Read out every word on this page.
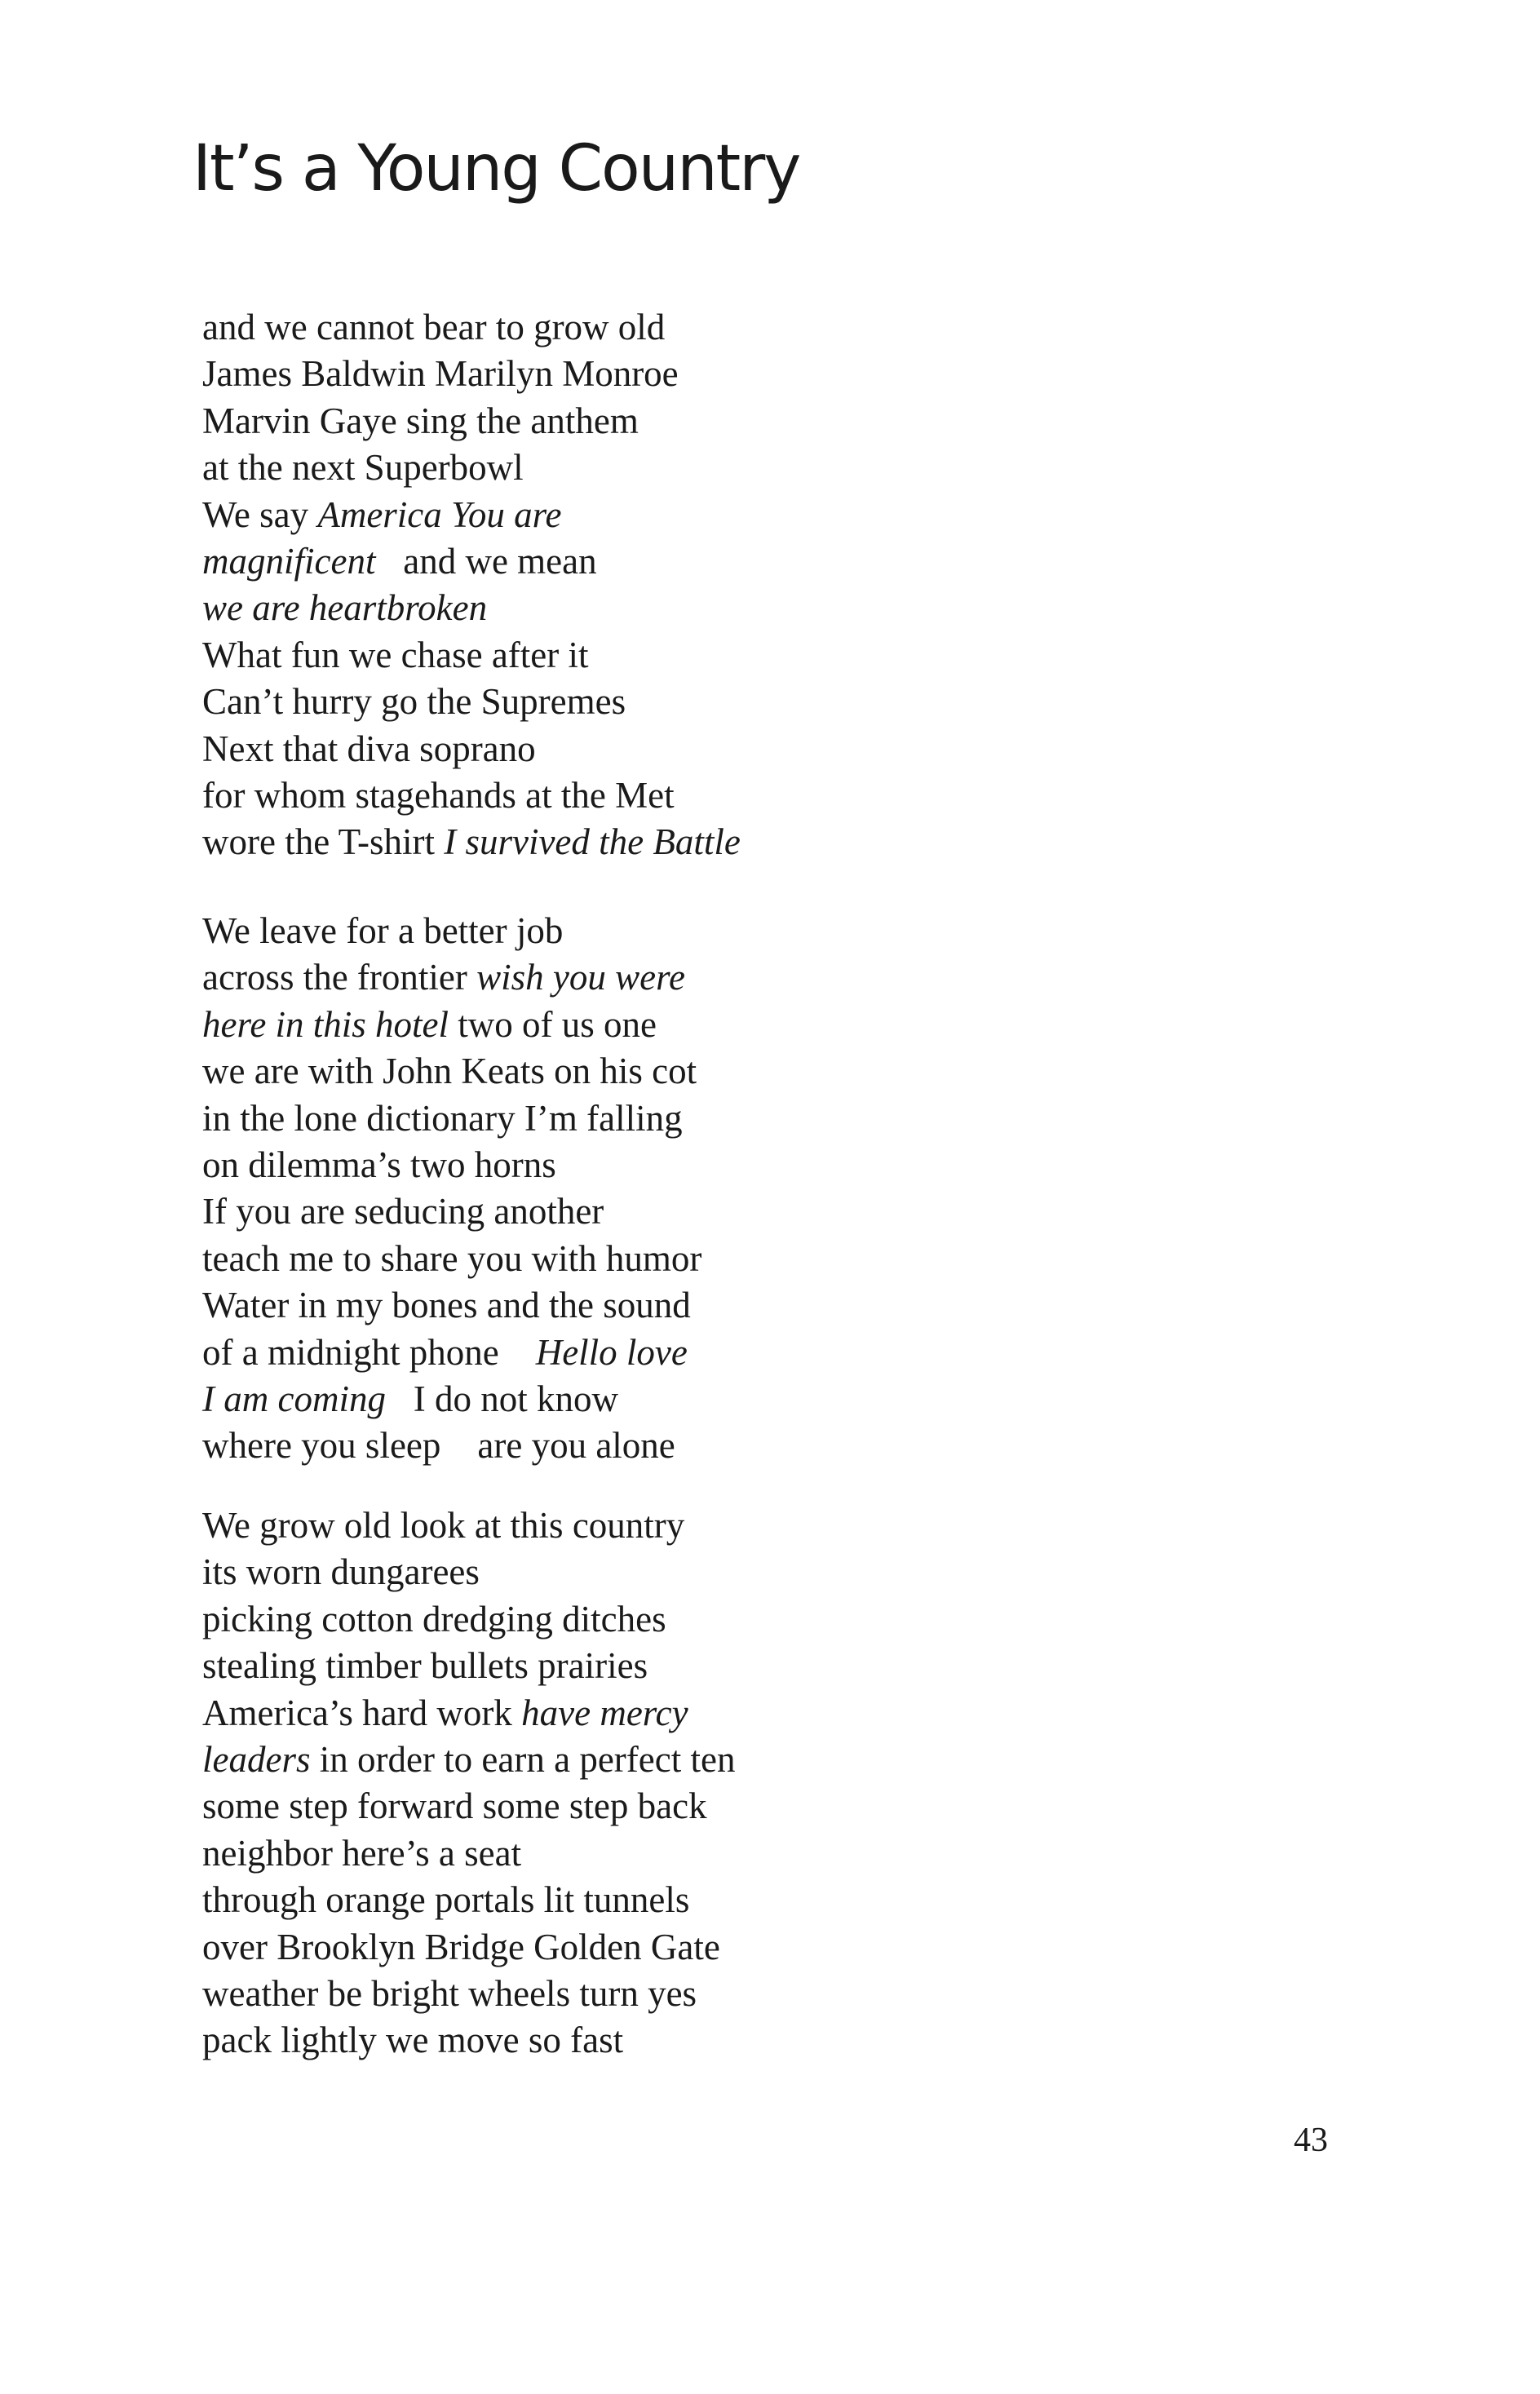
It’s a Young Country
and we cannot bear to grow old
James Baldwin Marilyn Monroe
Marvin Gaye sing the anthem
at the next Superbowl
We say America You are
magnificent   and we mean
we are heartbroken
What fun we chase after it
Can’t hurry go the Supremes
Next that diva soprano
for whom stagehands at the Met
wore the T-shirt I survived the Battle
We leave for a better job
across the frontier wish you were
here in this hotel two of us one
we are with John Keats on his cot
in the lone dictionary I’m falling
on dilemma’s two horns
If you are seducing another
teach me to share you with humor
Water in my bones and the sound
of a midnight phone    Hello love
I am coming   I do not know
where you sleep    are you alone
We grow old look at this country
its worn dungarees
picking cotton dredging ditches
stealing timber bullets prairies
America’s hard work have mercy
leaders in order to earn a perfect ten
some step forward some step back
neighbor here’s a seat
through orange portals lit tunnels
over Brooklyn Bridge Golden Gate
weather be bright wheels turn yes
pack lightly we move so fast
43
